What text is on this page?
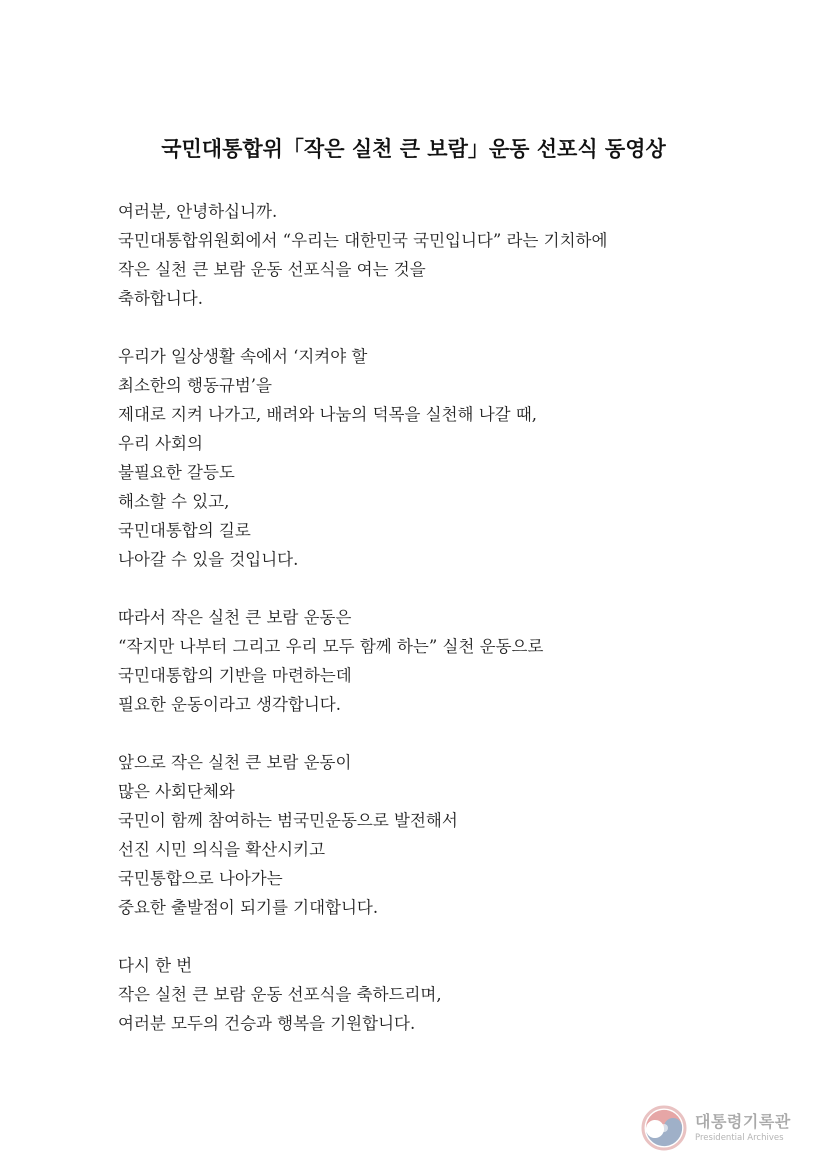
국민대통합위「작은 실천 큰 보람」운동 선포식 동영상
여러분, 안녕하십니까.
국민대통합위원회에서 “우리는 대한민국 국민입니다” 라는 기치하에
작은 실천 큰 보람 운동 선포식을 여는 것을
축하합니다.
우리가 일상생활 속에서 ‘지켜야 할
최소한의 행동규범’을
제대로 지켜 나가고, 배려와 나눔의 덕목을 실천해 나갈 때,
우리 사회의
불필요한 갈등도
해소할 수 있고,
국민대통합의 길로
나아갈 수 있을 것입니다.
따라서 작은 실천 큰 보람 운동은
“작지만 나부터 그리고 우리 모두 함께 하는” 실천 운동으로
국민대통합의 기반을 마련하는데
필요한 운동이라고 생각합니다.
앞으로 작은 실천 큰 보람 운동이
많은 사회단체와
국민이 함께 참여하는 범국민운동으로 발전해서
선진 시민 의식을 확산시키고
국민통합으로 나아가는
중요한 출발점이 되기를 기대합니다.
다시 한 번
작은 실천 큰 보람 운동 선포식을 축하드리며,
여러분 모두의 건승과 행복을 기원합니다.
대통령기록관
Presidential Archives
